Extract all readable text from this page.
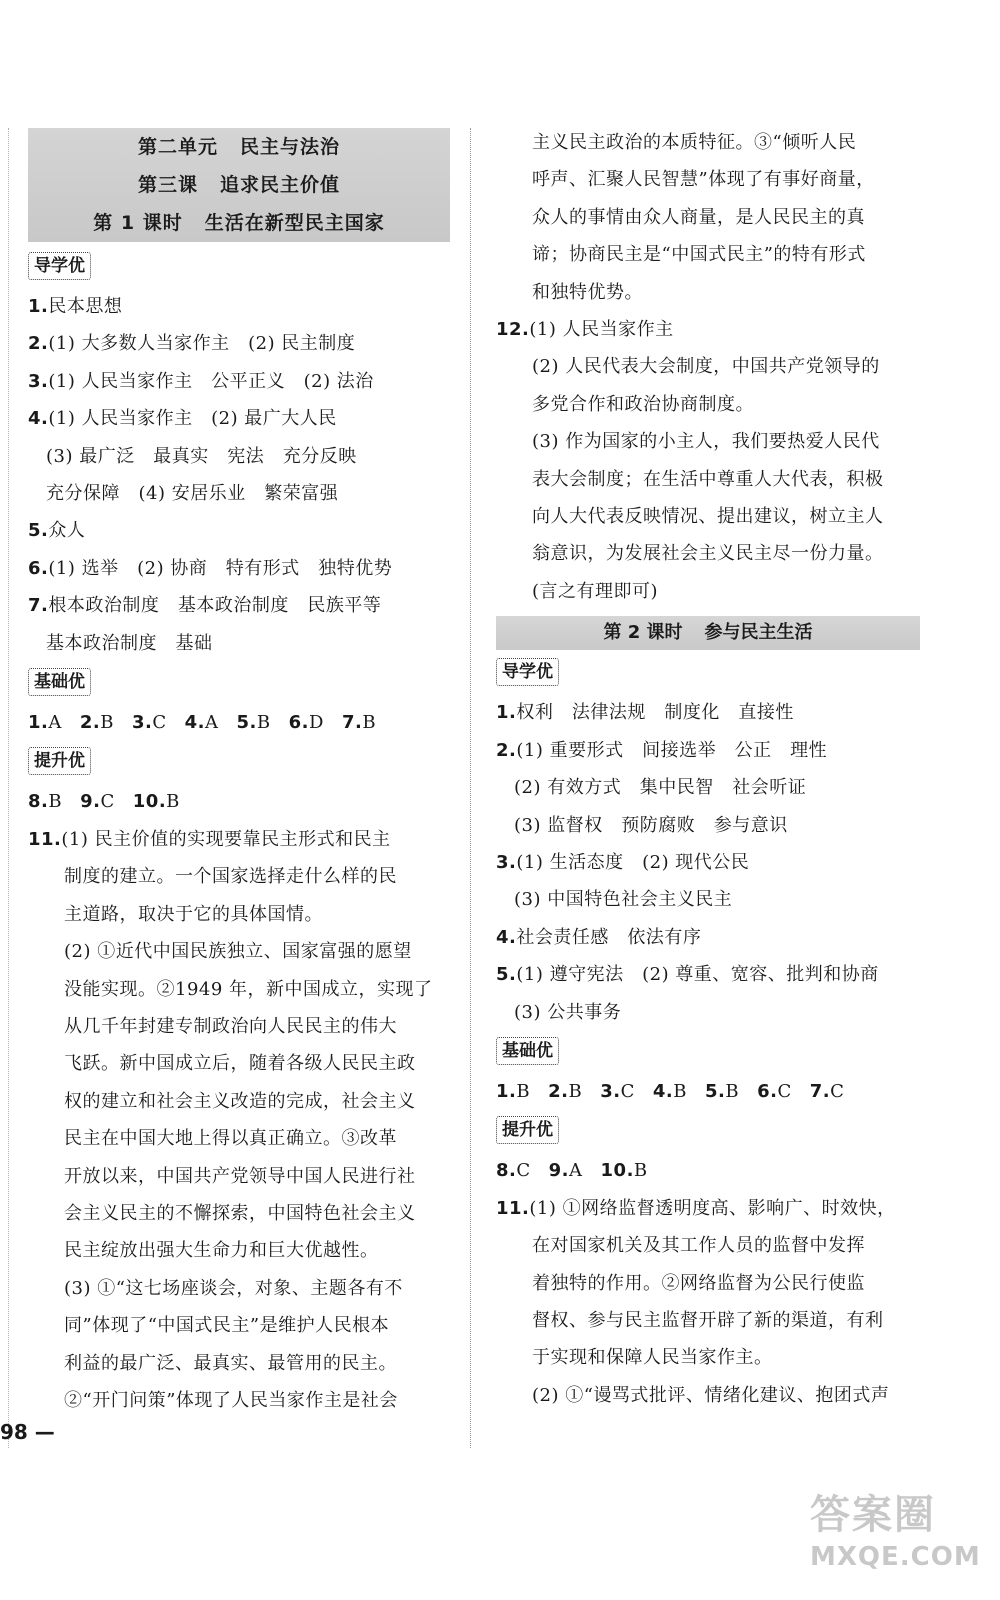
第二单元 民主与法治
第三课 追求民主价值
第 1 课时 生活在新型民主国家
导学优
1.民本思想
2.(1) 大多数人当家作主　(2) 民主制度
3.(1) 人民当家作主　公平正义　(2) 法治
4.(1) 人民当家作主　(2) 最广大人民
(3) 最广泛　最真实　宪法　充分反映
充分保障　(4) 安居乐业　繁荣富强
5.众人
6.(1) 选举　(2) 协商　特有形式　独特优势
7.根本政治制度　基本政治制度　民族平等
基本政治制度　基础
基础优
1.A 2.B 3.C 4.A 5.B 6.D 7.B
提升优
8.B 9.C 10.B
11.(1) 民主价值的实现要靠民主形式和民主
制度的建立。一个国家选择走什么样的民
主道路，取决于它的具体国情。
(2) ①近代中国民族独立、国家富强的愿望
没能实现。②1949 年，新中国成立，实现了
从几千年封建专制政治向人民民主的伟大
飞跃。新中国成立后，随着各级人民民主政
权的建立和社会主义改造的完成，社会主义
民主在中国大地上得以真正确立。③改革
开放以来，中国共产党领导中国人民进行社
会主义民主的不懈探索，中国特色社会主义
民主绽放出强大生命力和巨大优越性。
(3) ①“这七场座谈会，对象、主题各有不
同”体现了“中国式民主”是维护人民根本
利益的最广泛、最真实、最管用的民主。
②“开门问策”体现了人民当家作主是社会
主义民主政治的本质特征。③“倾听人民
呼声、汇聚人民智慧”体现了有事好商量，
众人的事情由众人商量，是人民民主的真
谛；协商民主是“中国式民主”的特有形式
和独特优势。
12.(1) 人民当家作主
(2) 人民代表大会制度，中国共产党领导的
多党合作和政治协商制度。
(3) 作为国家的小主人，我们要热爱人民代
表大会制度；在生活中尊重人大代表，积极
向人大代表反映情况、提出建议，树立主人
翁意识，为发展社会主义民主尽一份力量。
(言之有理即可)
第 2 课时 参与民主生活
导学优
1.权利　法律法规　制度化　直接性
2.(1) 重要形式　间接选举　公正　理性
(2) 有效方式　集中民智　社会听证
(3) 监督权　预防腐败　参与意识
3.(1) 生活态度　(2) 现代公民
(3) 中国特色社会主义民主
4.社会责任感　依法有序
5.(1) 遵守宪法　(2) 尊重、宽容、批判和协商
(3) 公共事务
基础优
1.B 2.B 3.C 4.B 5.B 6.C 7.C
提升优
8.C 9.A 10.B
11.(1) ①网络监督透明度高、影响广、时效快，
在对国家机关及其工作人员的监督中发挥
着独特的作用。②网络监督为公民行使监
督权、参与民主监督开辟了新的渠道，有利
于实现和保障人民当家作主。
(2) ①“谩骂式批评、情绪化建议、抱团式声
98 —
答案圈
MXQE.COM
